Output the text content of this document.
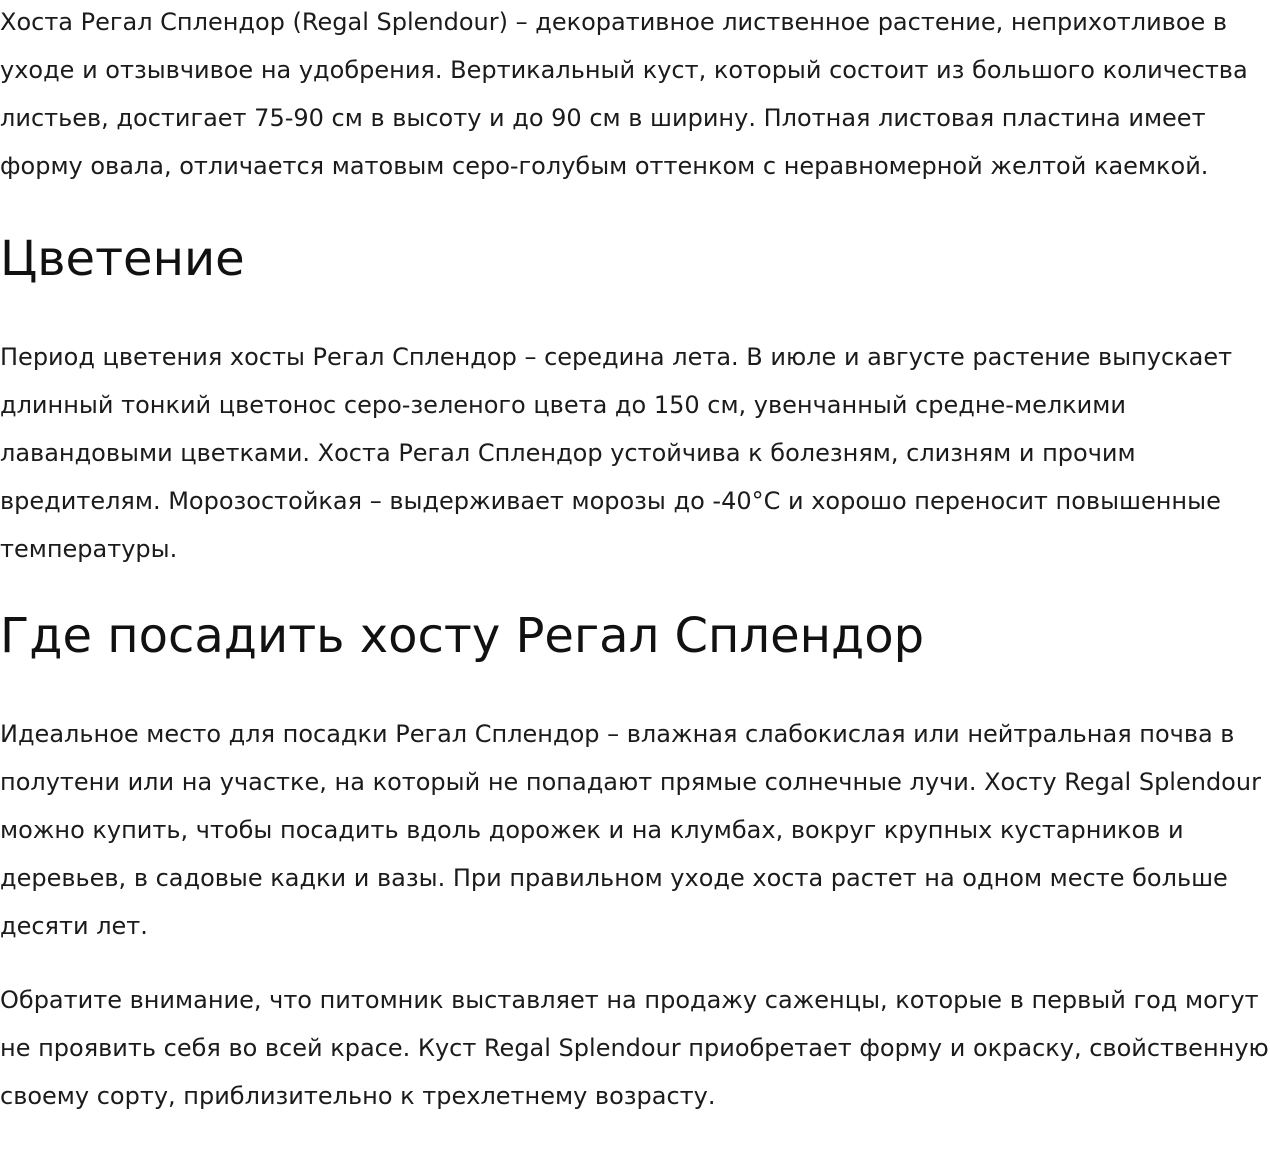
Хоста Регал Сплендор (Regal Splendour) – декоративное лиственное растение, неприхотливое в уходе и отзывчивое на удобрения. Вертикальный куст, который состоит из большого количества листьев, достигает 75-90 см в высоту и до 90 см в ширину. Плотная листовая пластина имеет форму овала, отличается матовым серо-голубым оттенком с неравномерной желтой каемкой.

Цветение

Период цветения хосты Регал Сплендор – середина лета. В июле и августе растение выпускает длинный тонкий цветонос серо-зеленого цвета до 150 см, увенчанный средне-мелкими лавандовыми цветками. Хоста Регал Сплендор устойчива к болезням, слизням и прочим вредителям. Морозостойкая – выдерживает морозы до -40°С и хорошо переносит повышенные температуры.

Где посадить хосту Регал Сплендор

Идеальное место для посадки Регал Сплендор – влажная слабокислая или нейтральная почва в полутени или на участке, на который не попадают прямые солнечные лучи. Хосту Regal Splendour можно купить, чтобы посадить вдоль дорожек и на клумбах, вокруг крупных кустарников и деревьев, в садовые кадки и вазы. При правильном уходе хоста растет на одном месте больше десяти лет.

Обратите внимание, что питомник выставляет на продажу саженцы, которые в первый год могут не проявить себя во всей красе. Куст Regal Splendour приобретает форму и окраску, свойственную своему сорту, приблизительно к трехлетнему возрасту.
